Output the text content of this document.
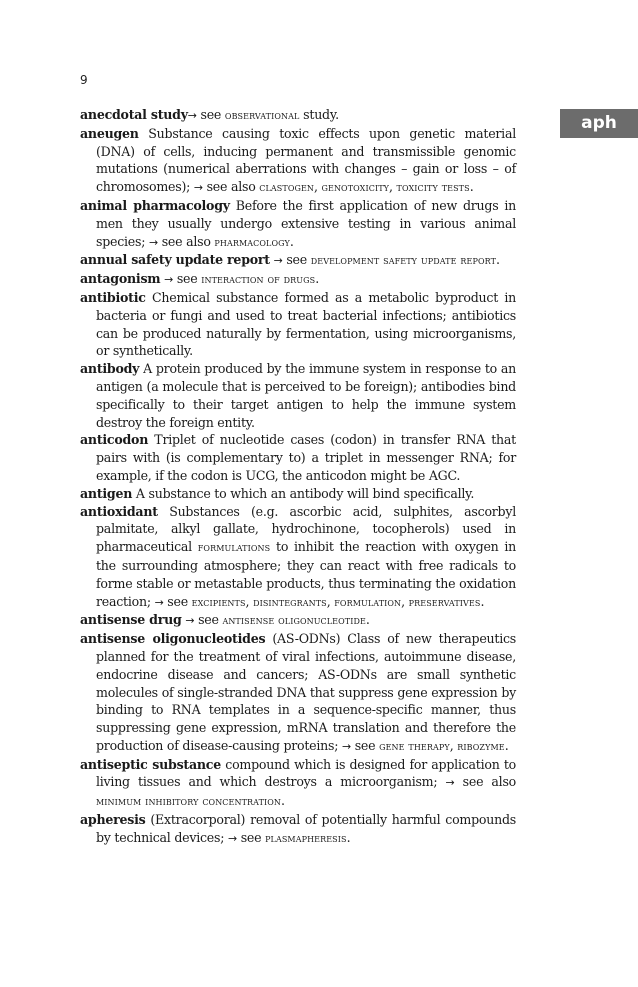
9
aph

anecdotal study→ see observational study.

aneugen Substance causing toxic effects upon genetic material (DNA) of cells, inducing permanent and transmissible genomic mutations (numerical aberrations with changes – gain or loss – of chromosomes); → see also clastogen, genotoxicity, toxicity tests.

animal pharmacology Before the first application of new drugs in men they usually undergo extensive testing in various animal species; → see also pharmacology.

annual safety update report → see development safety update report.

antagonism → see interaction of drugs.

antibiotic Chemical substance formed as a metabolic byproduct in bacteria or fungi and used to treat bacterial infections; antibiotics can be produced naturally by fermentation, using microorganisms, or synthetically.

antibody A protein produced by the immune system in response to an antigen (a molecule that is perceived to be foreign); antibodies bind specifically to their target antigen to help the immune system destroy the foreign entity.

anticodon Triplet of nucleotide cases (codon) in transfer RNA that pairs with (is complementary to) a triplet in messenger RNA; for example, if the codon is UCG, the anticodon might be AGC.

antigen A substance to which an antibody will bind specifically.

antioxidant Substances (e.g. ascorbic acid, sulphites, ascorbyl palmitate, alkyl gallate, hydrochinone, tocopherols) used in pharmaceutical formulations to inhibit the reaction with oxygen in the surrounding atmosphere; they can react with free radicals to forme stable or metastable products, thus terminating the oxidation reaction; → see excipients, disintegrants, formulation, preservatives.

antisense drug → see antisense oligonucleotide.

antisense oligonucleotides (AS-ODNs) Class of new therapeutics planned for the treatment of viral infections, autoimmune disease, endocrine disease and cancers; AS-ODNs are small synthetic molecules of single-stranded DNA that suppress gene expression by binding to RNA templates in a sequence-specific manner, thus suppressing gene expression, mRNA translation and therefore the production of disease-causing proteins; → see gene therapy, ribozyme.

antiseptic substance compound which is designed for application to living tissues and which destroys a microorganism; → see also minimum inhibitory concentration.

apheresis (Extracorporal) removal of potentially harmful compounds by technical devices; → see plasmapheresis.
